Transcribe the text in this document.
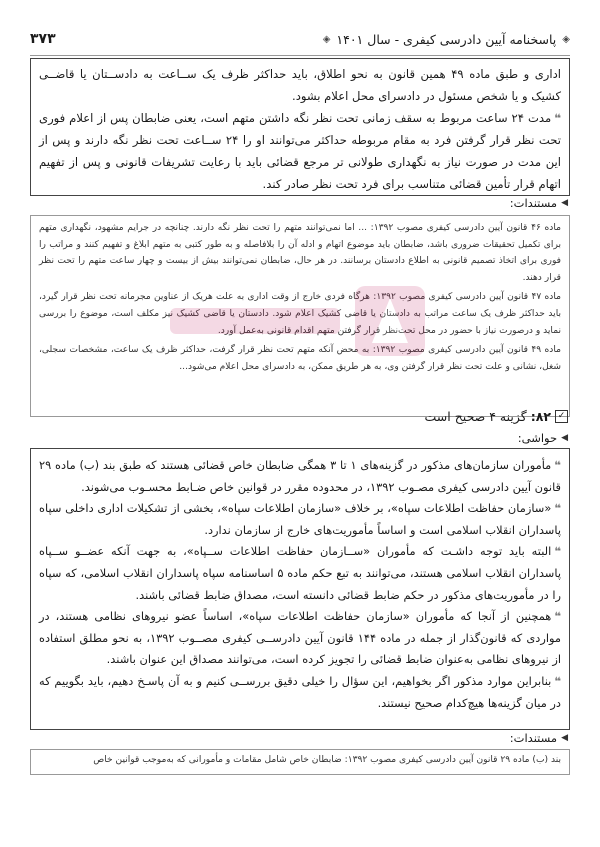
◈
پاسخنامه آیین دادرسی کیفری - سال ۱۴۰۱
◈
۳۷۳

اداری و طبق ماده ۴۹ همین قانون به نحو اطلاق، باید حداکثر ظرف یک ســاعت به دادســتان یا قاضــی کشیک و یا شخص مسئول در دادسرای محل اعلام بشود.

❝مدت ۲۴ ساعت مربوط به سقف زمانی تحت نظر نگه داشتن متهم است، یعنی ضابطان پس از اعلام فوری تحت نظر قرار گرفتن فرد به مقام مربوطه حداکثر می‌توانند او را ۲۴ ســاعت تحت نظر نگه دارند و پس از این مدت در صورت نیاز به نگهداری طولانی تر مرجع قضائی باید با رعایت تشریفات قانونی و پس از تفهیم اتهام قرار تأمین قضائی متناسب برای فرد تحت نظر صادر کند.

◀
مستندات:

ماده ۴۶ قانون آیین دادرسی کیفری مصوب ۱۳۹۲: ... اما نمی‌توانند متهم را تحت نظر نگه دارند. چنانچه در جرایم مشهود، نگهداری متهم برای تکمیل تحقیقات ضروری باشد، ضابطان باید موضوع اتهام و ادله آن را بلافاصله و به طور کتبی به متهم ابلاغ و تفهیم کنند و مراتب را فوری برای اتخاذ تصمیم قانونی به اطلاع دادستان برسانند. در هر حال، ضابطان نمی‌توانند بیش از بیست و چهار ساعت متهم را تحت نظر قرار دهند.

ماده ۴۷ قانون آیین دادرسی کیفری مصوب ۱۳۹۲: هرگاه فردی خارج از وقت اداری به علت هریک از عناوین مجرمانه تحت نظر قرار گیرد، باید حداکثر ظرف یک ساعت مراتب به دادستان یا قاضی کشیک اعلام شود. دادستان یا قاضی کشیک نیز مکلف است، موضوع را بررسی نماید و درصورت نیاز با حضور در محل تحت‌نظر قرار گرفتن متهم اقدام قانونی به‌عمل آورد.

ماده ۴۹ قانون آیین دادرسی کیفری مصوب ۱۳۹۲: به محض آنکه متهم تحت نظر قرار گرفت، حداکثر ظرف یک ساعت، مشخصات سجلی، شغل، نشانی و علت تحت نظر قرار گرفتن وی، به هر طریق ممکن، به دادسرای محل اعلام می‌شود...

✓
۸۲:
گزینه ۴ صحیح است
◀
حواشی:

❝مأموران سازمان‌های مذکور در گزینه‌های ۱ تا ۳ همگی ضابطان خاص قضائی هستند که طبق بند (ب) ماده ۲۹ قانون آیین دادرسی کیفری مصـوب ۱۳۹۲، در محدوده مقرر در قوانین خاص ضـابط محسـوب می‌شوند.

❝«سازمان حفاظت اطلاعات سپاه»، بر خلاف «سازمان اطلاعات سپاه»، بخشی از تشکیلات اداری داخلی سپاه پاسداران انقلاب اسلامی است و اساساً مأموریت‌های خارج از سازمان ندارد.

❝البته باید توجه داشـت که مأموران «ســازمان حفاظت اطلاعات ســپاه»، به جهت آنکه عضــو ســپاه پاسداران انقلاب اسلامی هستند، می‌توانند به تبع حکم ماده ۵ اساسنامه سپاه پاسداران انقلاب اسلامی، که سپاه را در مأموریت‌های مذکور در حکم ضابط قضائی دانسته است، مصداق ضابط قضائی باشند.

❝همچنین از آنجا که مأموران «سازمان حفاظت اطلاعات سپاه»، اساساً عضو نیروهای نظامی هستند، در مواردی که قانون‌گذار از جمله در ماده ۱۴۴ قانون آیین دادرســی کیفری مصــوب ۱۳۹۲، به نحو مطلق استفاده از نیروهای نظامی به‌عنوان ضابط قضائی را تجویز کرده است، می‌توانند مصداق این عنوان باشند.

❝بنابراین موارد مذکور اگر بخواهیم، این سؤال را خیلی دقیق بررســی کنیم و به آن پاسـخ دهیم، باید بگوییم که در میان گزینه‌ها هیچ‌کدام صحیح نیستند.

◀
مستندات:

بند (ب) ماده ۲۹ قانون آیین دادرسی کیفری مصوب ۱۳۹۲: ضابطان خاص شامل مقامات و مأمورانی که به‌موجب قوانین خاص
